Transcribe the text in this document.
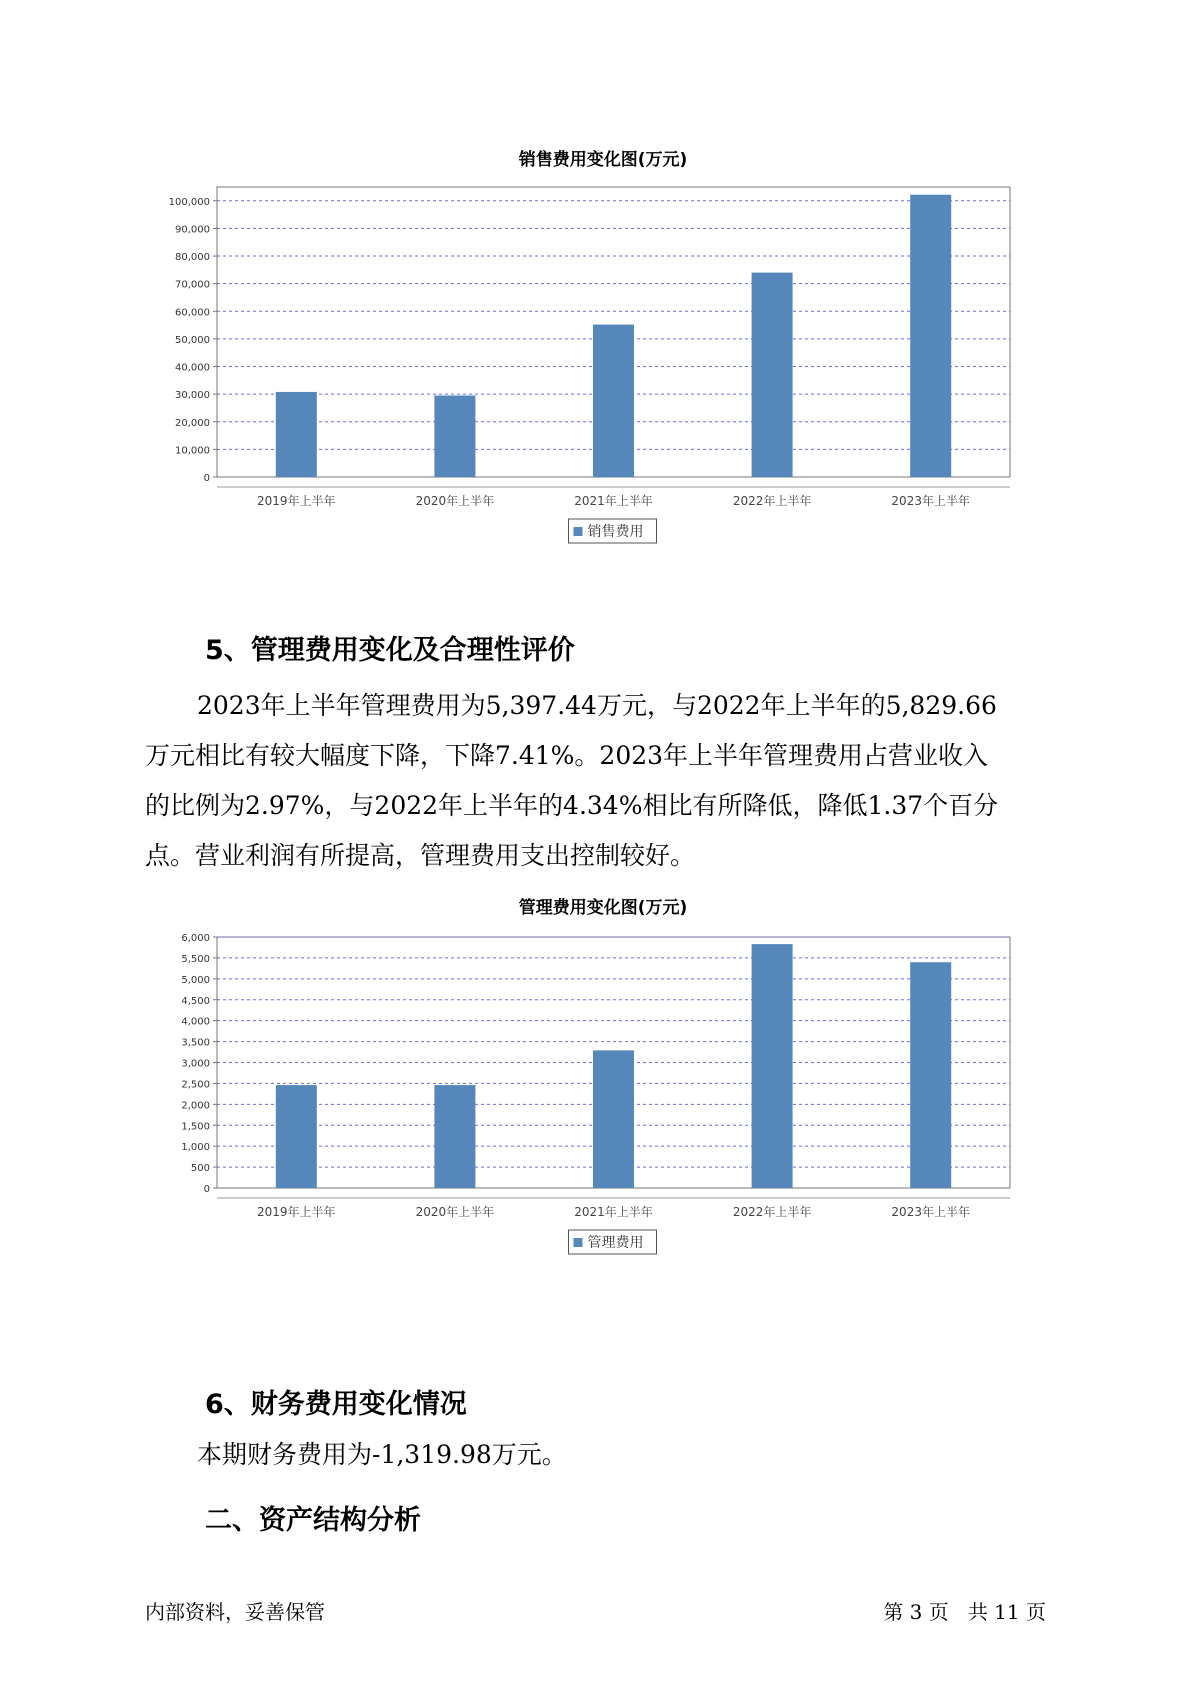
销售费用变化图(万元)
0
10,000
20,000
30,000
40,000
50,000
60,000
70,000
80,000
90,000
100,000
2019年上半年	2020年上半年	2021年上半年	2022年上半年	2023年上半年
销售费用
5、管理费用变化及合理性评价
2023年上半年管理费用为5,397.44万元，与2022年上半年的5,829.66
万元相比有较大幅度下降，下降7.41%。2023年上半年管理费用占营业收入
的比例为2.97%，与2022年上半年的4.34%相比有所降低，降低1.37个百分
点。营业利润有所提高，管理费用支出控制较好。
管理费用变化图(万元)
0
500
1,000
1,500
2,000
2,500
3,000
3,500
4,000
4,500
5,000
5,500
6,000
2019年上半年	2020年上半年	2021年上半年	2022年上半年	2023年上半年
管理费用
6、财务费用变化情况
本期财务费用为-1,319.98万元。
二、资产结构分析
内部资料，妥善保管	第 3 页   共 11 页
